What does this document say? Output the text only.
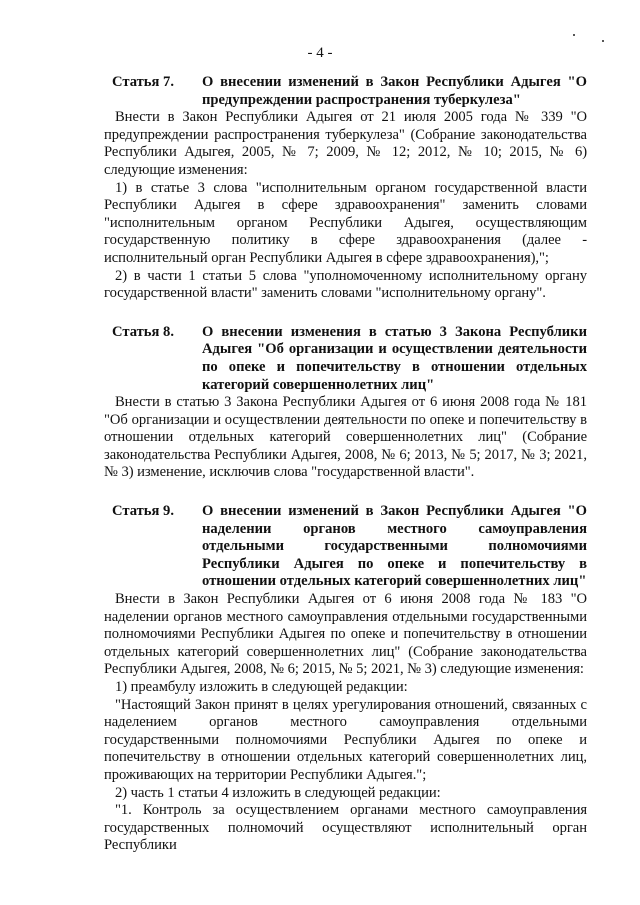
- 4 -
Статья 7.	О внесении изменений в Закон Республики Адыгея "О предупреждении распространения туберкулеза"

Внести в Закон Республики Адыгея от 21 июля 2005 года № 339 "О предупреждении распространения туберкулеза" (Собрание законодательства Республики Адыгея, 2005, № 7; 2009, № 12; 2012, № 10; 2015, № 6) следующие изменения:

1) в статье 3 слова "исполнительным органом государственной власти Республики Адыгея в сфере здравоохранения" заменить словами "исполнительным органом Республики Адыгея, осуществляющим государственную политику в сфере здравоохранения (далее - исполнительный орган Республики Адыгея в сфере здравоохранения),";

2) в части 1 статьи 5 слова "уполномоченному исполнительному органу государственной власти" заменить словами "исполнительному органу".

Статья 8.	О внесении изменения в статью 3 Закона Республики Адыгея "Об организации и осуществлении деятельности по опеке и попечительству в отношении отдельных категорий совершеннолетних лиц"

Внести в статью 3 Закона Республики Адыгея от 6 июня 2008 года № 181 "Об организации и осуществлении деятельности по опеке и попечительству в отношении отдельных категорий совершеннолетних лиц" (Собрание законодательства Республики Адыгея, 2008, № 6; 2013, № 5; 2017, № 3; 2021, № 3) изменение, исключив слова "государственной власти".

Статья 9.	О внесении изменений в Закон Республики Адыгея "О наделении органов местного самоуправления отдельными государственными полномочиями Республики Адыгея по опеке и попечительству в отношении отдельных категорий совершеннолетних лиц"

Внести в Закон Республики Адыгея от 6 июня 2008 года № 183 "О наделении органов местного самоуправления отдельными государственными полномочиями Республики Адыгея по опеке и попечительству в отношении отдельных категорий совершеннолетних лиц" (Собрание законодательства Республики Адыгея, 2008, № 6; 2015, № 5; 2021, № 3) следующие изменения:

1) преамбулу изложить в следующей редакции:

"Настоящий Закон принят в целях урегулирования отношений, связанных с наделением органов местного самоуправления отдельными государственными полномочиями Республики Адыгея по опеке и попечительству в отношении отдельных категорий совершеннолетних лиц, проживающих на территории Республики Адыгея.";

2) часть 1 статьи 4 изложить в следующей редакции:

"1. Контроль за осуществлением органами местного самоуправления государственных полномочий осуществляют исполнительный орган Республики
